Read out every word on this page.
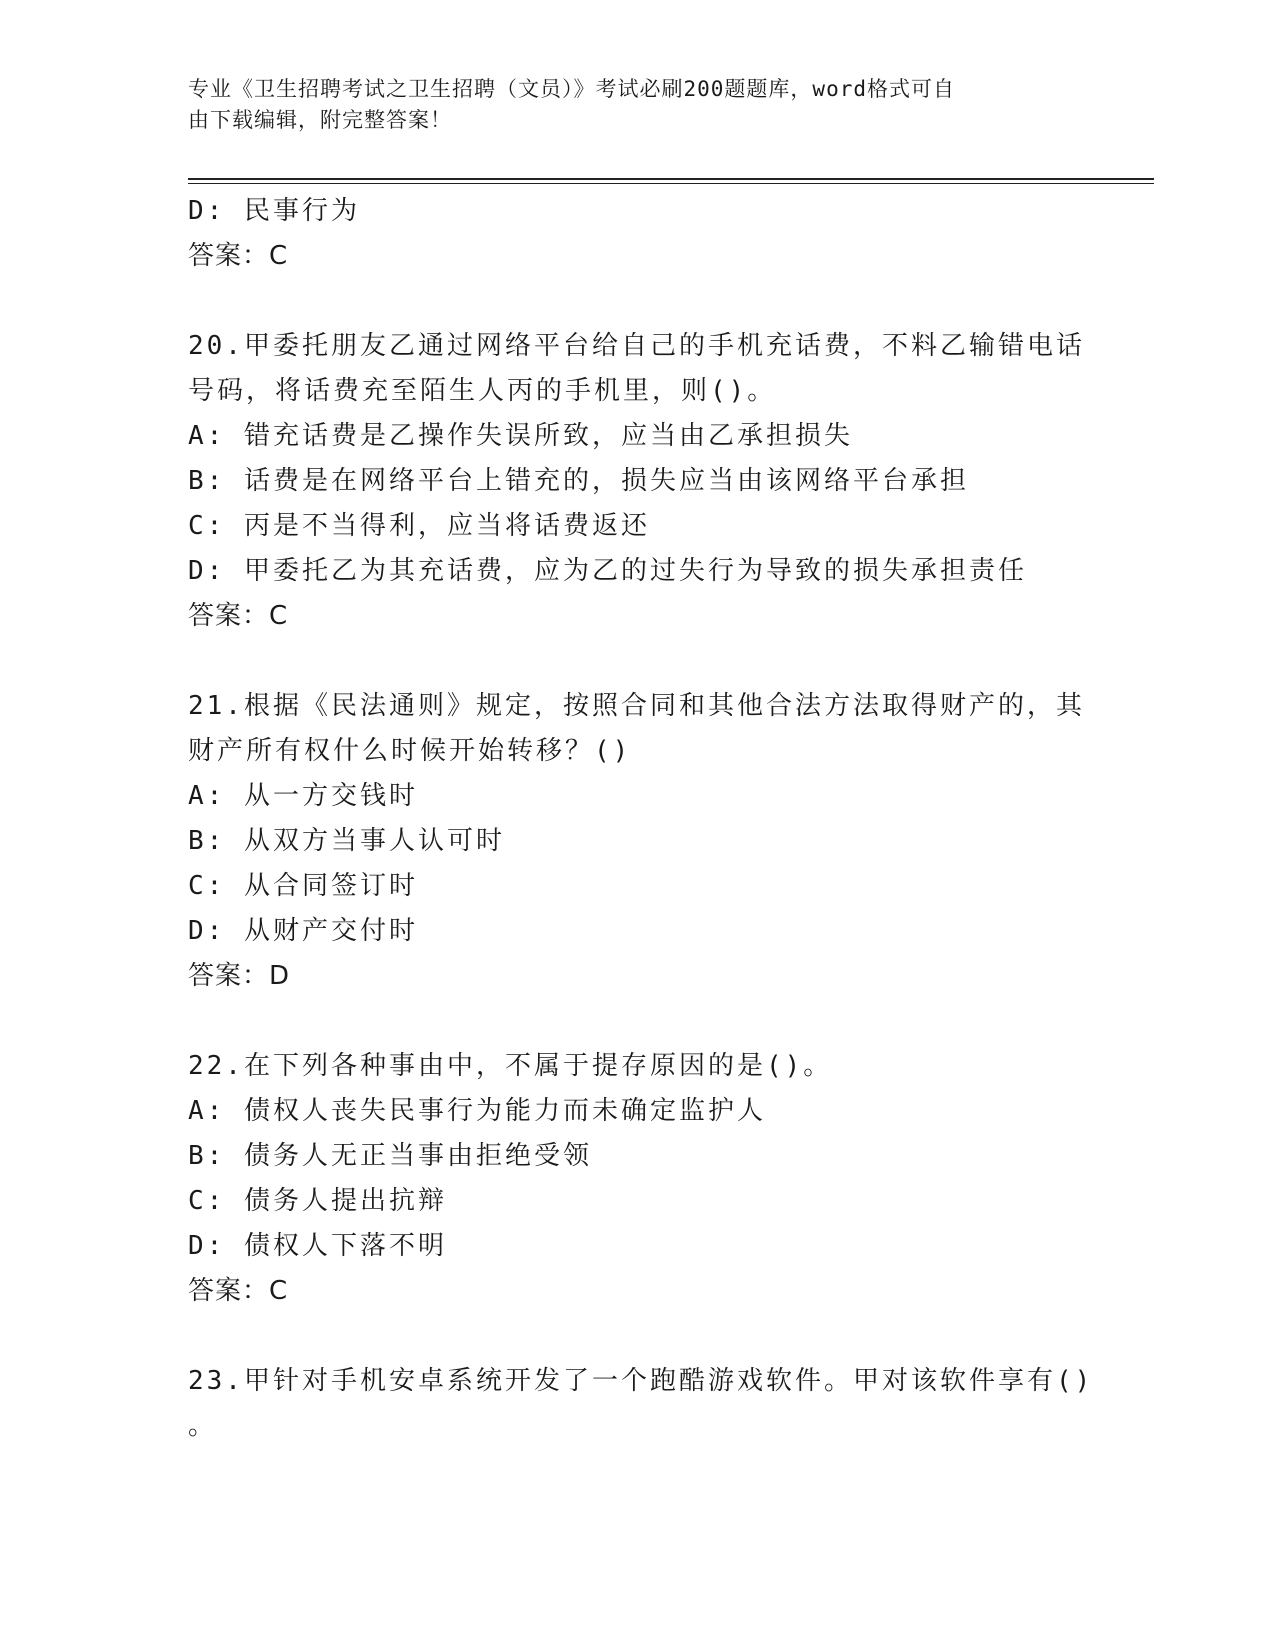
专业《卫生招聘考试之卫生招聘（文员）》考试必刷200题题库，word格式可自
由下载编辑，附完整答案！
D: 民事行为
答案：C
20.甲委托朋友乙通过网络平台给自己的手机充话费，不料乙输错电话
号码，将话费充至陌生人丙的手机里，则()。
A: 错充话费是乙操作失误所致，应当由乙承担损失
B: 话费是在网络平台上错充的，损失应当由该网络平台承担
C: 丙是不当得利，应当将话费返还
D: 甲委托乙为其充话费，应为乙的过失行为导致的损失承担责任
答案：C
21.根据《民法通则》规定，按照合同和其他合法方法取得财产的，其
财产所有权什么时候开始转移？()
A: 从一方交钱时
B: 从双方当事人认可时
C: 从合同签订时
D: 从财产交付时
答案：D
22.在下列各种事由中，不属于提存原因的是()。
A: 债权人丧失民事行为能力而未确定监护人
B: 债务人无正当事由拒绝受领
C: 债务人提出抗辩
D: 债权人下落不明
答案：C
23.甲针对手机安卓系统开发了一个跑酷游戏软件。甲对该软件享有()
。
